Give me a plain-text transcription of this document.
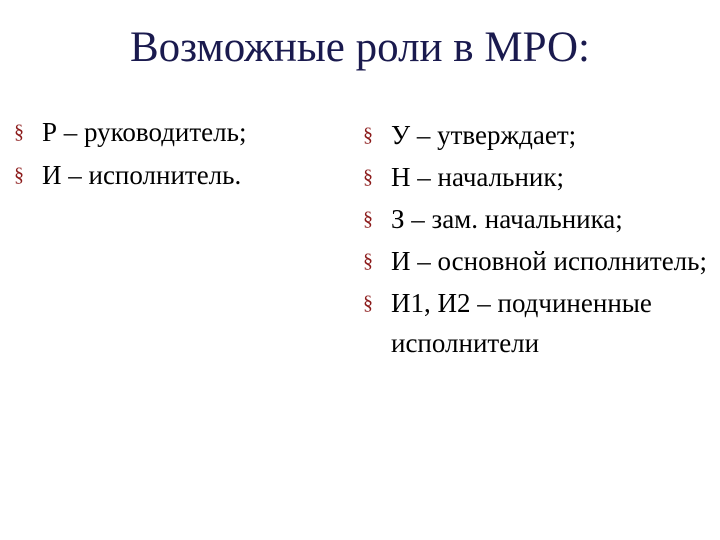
Возможные роли в МРО:
§ Р – руководитель;
§ И – исполнитель.
§ У – утверждает;
§ Н – начальник;
§ З – зам. начальника;
§ И – основной исполнитель;
§ И1, И2 – подчиненные исполнители
